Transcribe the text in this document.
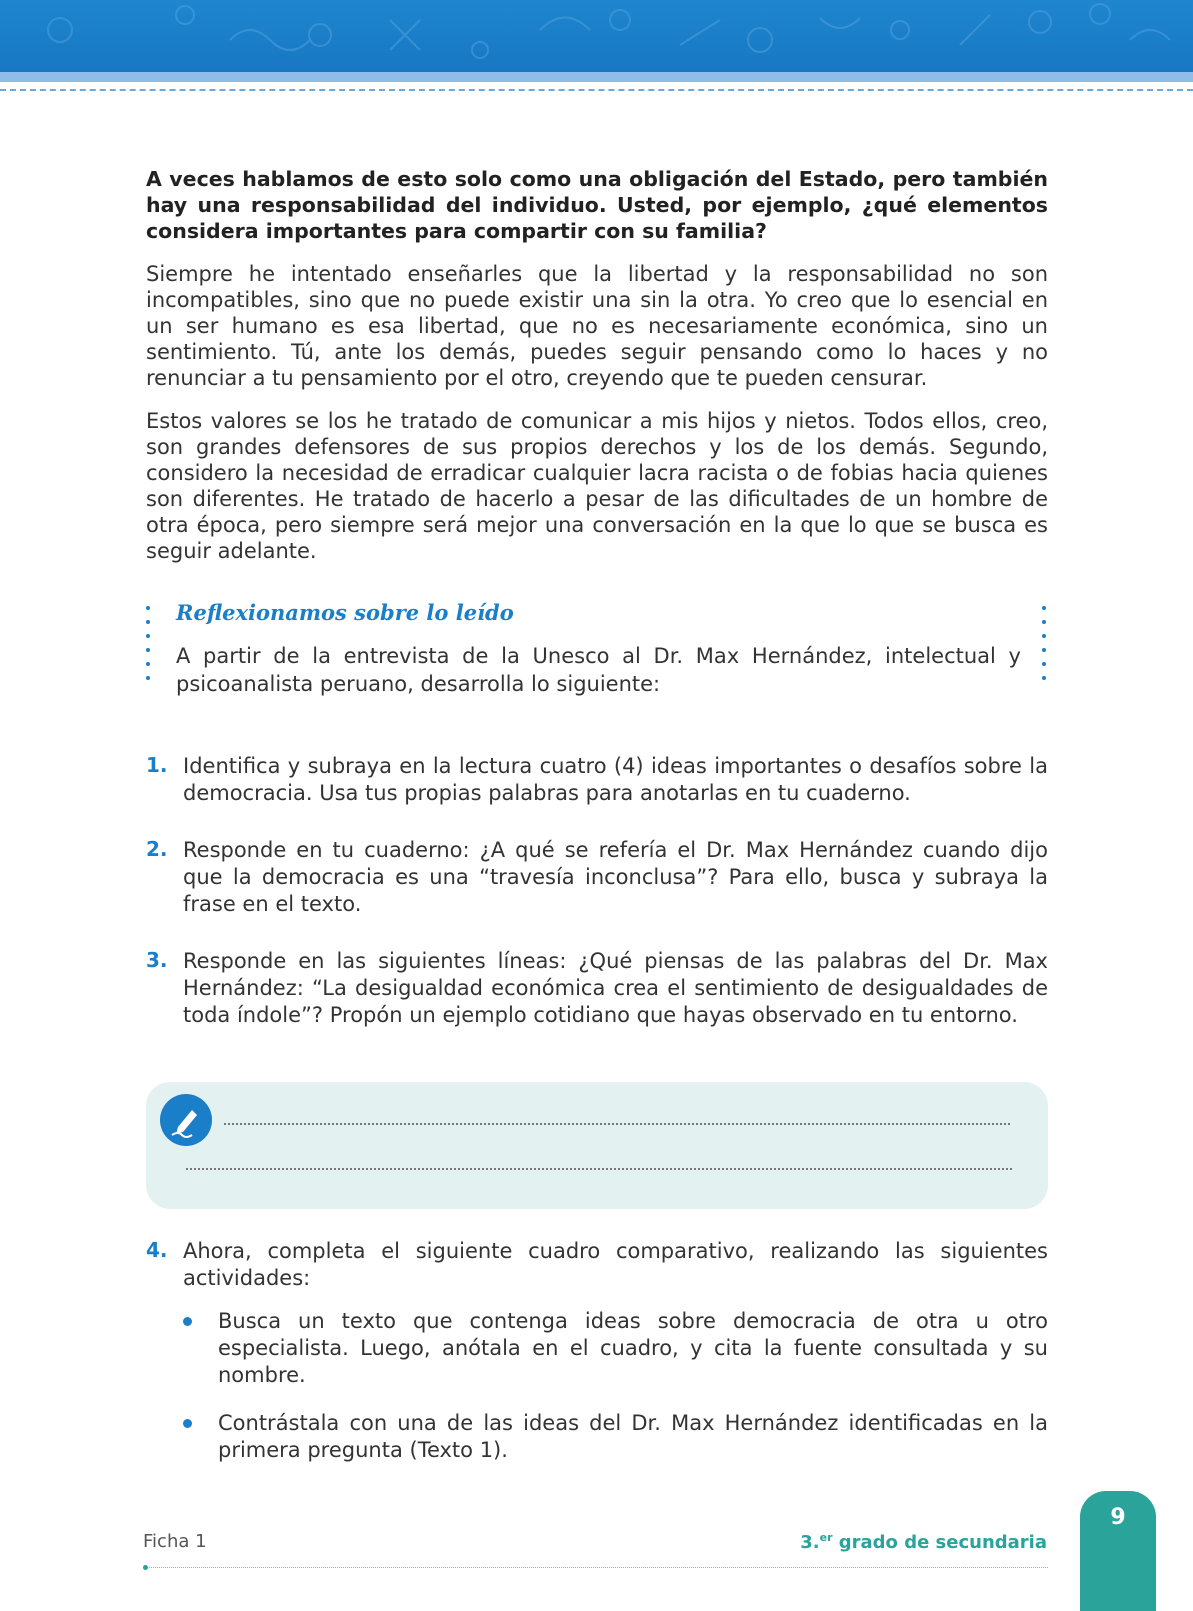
A veces hablamos de esto solo como una obligación del Estado, pero también hay una responsabilidad del individuo. Usted, por ejemplo, ¿qué elementos considera importantes para compartir con su familia?

Siempre he intentado enseñarles que la libertad y la responsabilidad no son incompatibles, sino que no puede existir una sin la otra. Yo creo que lo esencial en un ser humano es esa libertad, que no es necesariamente económica, sino un sentimiento. Tú, ante los demás, puedes seguir pensando como lo haces y no renunciar a tu pensamiento por el otro, creyendo que te pueden censurar.

Estos valores se los he tratado de comunicar a mis hijos y nietos. Todos ellos, creo, son grandes defensores de sus propios derechos y los de los demás. Segundo, considero la necesidad de erradicar cualquier lacra racista o de fobias hacia quienes son diferentes. He tratado de hacerlo a pesar de las dificultades de un hombre de otra época, pero siempre será mejor una conversación en la que lo que se busca es seguir adelante.

Reflexionamos sobre lo leído
A partir de la entrevista de la Unesco al Dr. Max Hernández, intelectual y psicoanalista peruano, desarrolla lo siguiente:
1. Identifica y subraya en la lectura cuatro (4) ideas importantes o desafíos sobre la democracia. Usa tus propias palabras para anotarlas en tu cuaderno.

2. Responde en tu cuaderno: ¿A qué se refería el Dr. Max Hernández cuando dijo que la democracia es una “travesía inconclusa”? Para ello, busca y subraya la frase en el texto.

3. Responde en las siguientes líneas: ¿Qué piensas de las palabras del Dr. Max Hernández: “La desigualdad económica crea el sentimiento de desigualdades de toda índole”? Propón un ejemplo cotidiano que hayas observado en tu entorno.

4. Ahora, completa el siguiente cuadro comparativo, realizando las siguientes actividades:

Busca un texto que contenga ideas sobre democracia de otra u otro especialista. Luego, anótala en el cuadro, y cita la fuente consultada y su nombre.

Contrástala con una de las ideas del Dr. Max Hernández identificadas en la primera pregunta (Texto 1).

Ficha 1	3.$^{er}$ grado de secundaria
9
